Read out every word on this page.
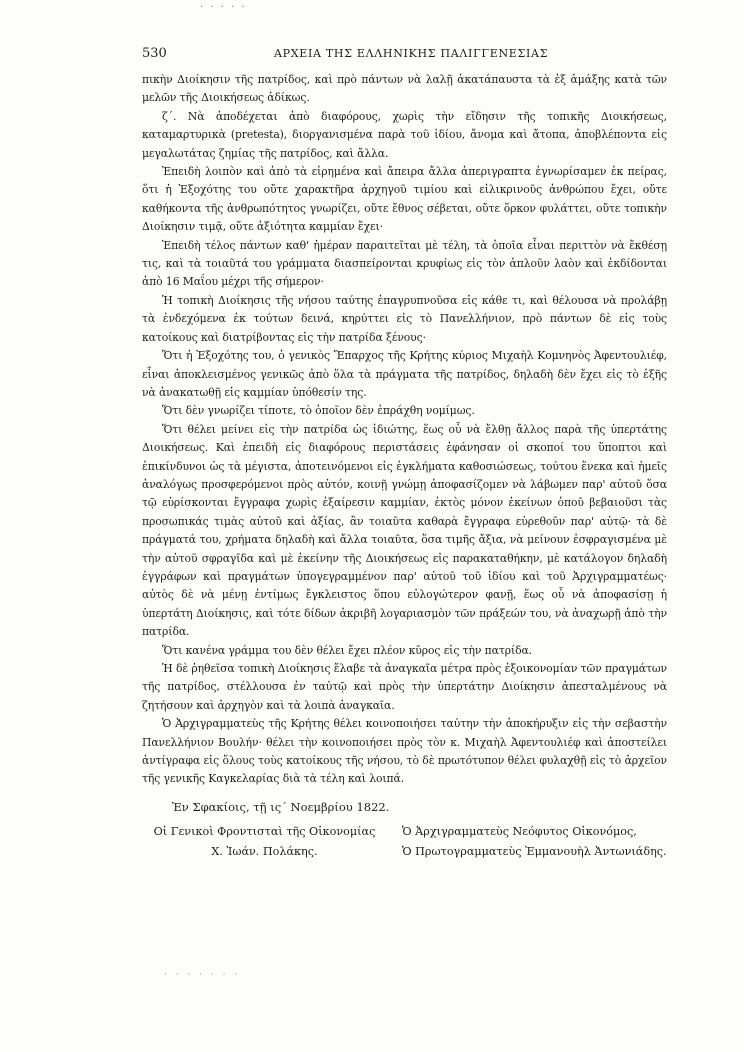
· · · · ·
530	ΑΡΧΕΙΑ ΤΗΣ ΕΛΛΗΝΙΚΗΣ ΠΑΛΙΓΓΕΝΕΣΙΑΣ

πικὴν Διοίκησιν τῆς πατρίδος, καὶ πρὸ πάντων νὰ λαλῇ ἀκατάπαυστα τὰ ἐξ ἁμάξης κατὰ τῶν μελῶν τῆς Διοικήσεως ἀδίκως.

ζ΄. Νὰ ἀποδέχεται ἀπὸ διαφόρους, χωρὶς τὴν εἴδησιν τῆς τοπικῆς Διοικήσεως, καταμαρτυρικὰ (pretesta), διοργανισμένα παρὰ τοῦ ἰδίου, ἄνομα καὶ ἄτοπα, ἀποβλέποντα εἰς μεγαλωτάτας ζημίας τῆς πατρίδος, καὶ ἄλλα.

Ἐπειδὴ λοιπὸν καὶ ἀπὸ τὰ εἰρημένα καὶ ἄπειρα ἄλλα ἀπεριγραπτα ἐγνωρίσαμεν ἐκ πείρας, ὅτι ἡ Ἐξοχότης του οὔτε χαρακτῆρα ἀρχηγοῦ τιμίου καὶ εἰλικρινοῦς ἀνθρώπου ἔχει, οὔτε καθήκοντα τῆς ἀνθρωπότητος γνωρίζει, οὔτε ἔθνος σέβεται, οὔτε ὅρκον φυλάττει, οὔτε τοπικὴν Διοίκησιν τιμᾷ, οὔτε ἀξιότητα καμμίαν ἔχει·

Ἐπειδὴ τέλος πάντων καθ' ἡμέραν παραιτεῖται μὲ τέλη, τὰ ὁποῖα εἶναι περιττὸν νὰ ἔκθέσῃ τις, καὶ τὰ τοιαῦτά του γράμματα διασπείρονται κρυφίως εἰς τὸν ἁπλοῦν λαὸν καὶ ἐκδίδονται ἀπὸ 16 Μαΐου μέχρι τῆς σήμερον·

Ἡ τοπικὴ Διοίκησις τῆς νήσου ταύτης ἐπαγρυπνοῦσα εἰς κάθε τι, καὶ θέλουσα νὰ προλάβῃ τὰ ἐνδεχόμενα ἐκ τούτων δεινά, κηρύττει εἰς τὸ Πανελλήνιον, πρὸ πάντων δὲ εἰς τοὺς κατοίκους καὶ διατρίβοντας εἰς τὴν πατρίδα ξένους·

Ὅτι ἡ Ἐξοχότης του, ὁ γενικὸς Ἔπαρχος τῆς Κρήτης κύριος Μιχαὴλ Κομνηνὸς Ἀφεντουλιέφ, εἶναι ἀποκλεισμένος γενικῶς ἀπὸ ὅλα τὰ πράγματα τῆς πατρίδος, δηλαδὴ δὲν ἔχει εἰς τὸ ἑξῆς νὰ ἀνακατωθῇ εἰς καμμίαν ὑπόθεσίν της.

Ὅτι δὲν γνωρίζει τίποτε, τὸ ὁποῖον δὲν ἐπράχθη νομίμως.

Ὅτι θέλει μείνει εἰς τὴν πατρίδα ὡς ἰδιώτης, ἕως οὗ νὰ ἔλθῃ ἄλλος παρὰ τῆς ὑπερτάτης Διοικήσεως. Καὶ ἐπειδὴ εἰς διαφόρους περιστάσεις ἐφάνησαν οἱ σκοποί του ὕποπτοι καὶ ἐπικίνδυνοι ὡς τὰ μέγιστα, ἀποτεινόμενοι εἰς ἐγκλήματα καθοσιώσεως, τούτου ἕνεκα καὶ ἡμεῖς ἀναλόγως προσφερόμενοι πρὸς αὐτόν, κοινῇ γνώμῃ ἀποφασίζομεν νὰ λάβωμεν παρ' αὐτοῦ ὅσα τῷ εὑρίσκονται ἔγγραφα χωρὶς ἐξαίρεσιν καμμίαν, ἐκτὸς μόνον ἐκείνων ὁποῦ βεβαιοῦσι τὰς προσωπικάς τιμὰς αὐτοῦ καὶ ἀξίας, ἂν τοιαῦτα καθαρὰ ἔγγραφα εὑρεθοῦν παρ' αὐτῷ· τὰ δὲ πράγματά του, χρήματα δηλαδὴ καὶ ἄλλα τοιαῦτα, ὅσα τιμῆς ἄξια, νὰ μείνουν ἐσφραγισμένα μὲ τὴν αὐτοῦ σφραγῖδα καὶ μὲ ἐκείνην τῆς Διοικήσεως εἰς παρακαταθήκην, μὲ κατάλογον δηλαδὴ ἐγγράφων καὶ πραγμάτων ὑπογεγραμμένον παρ' αὐτοῦ τοῦ ἰδίου καὶ τοῦ Ἀρχιγραμματέως· αὐτὸς δὲ νὰ μένῃ ἐντίμως ἔγκλειστος ὅπου εὐλογώτερον φανῇ, ἕως οὗ νὰ ἀποφασίσῃ ἡ ὑπερτάτη Διοίκησις, καὶ τότε δίδων ἀκριβῆ λογαριασμὸν τῶν πράξεών του, νὰ ἀναχωρῇ ἀπὸ τὴν πατρίδα.

Ὅτι κανένα γράμμα του δὲν θέλει ἔχει πλέον κῦρος εἰς τὴν πατρίδα.

Ἡ δὲ ῥηθεῖσα τοπικὴ Διοίκησις ἔλαβε τὰ ἀναγκαῖα μέτρα πρὸς ἐξοικονομίαν τῶν πραγμάτων τῆς πατρίδος, στέλλουσα ἐν ταὐτῷ καὶ πρὸς τὴν ὑπερτάτην Διοίκησιν ἀπεσταλμένους νὰ ζητήσουν καὶ ἀρχηγὸν καὶ τὰ λοιπὰ ἀναγκαῖα.

Ὁ Ἀρχιγραμματεὺς τῆς Κρήτης θέλει κοινοποιήσει ταύτην τὴν ἀποκήρυξιν εἰς τὴν σεβαστὴν Πανελλήνιον Βουλήν· θέλει τὴν κοινοποιήσει πρὸς τὸν κ. Μιχαὴλ Ἀφεντουλιέφ καὶ ἀποστείλει ἀντίγραφα εἰς ὅλους τοὺς κατοίκους τῆς νήσου, τὸ δὲ πρωτότυπον θέλει φυλαχθῇ εἰς τὸ ἀρχεῖον τῆς γενικῆς Καγκελαρίας διὰ τὰ τέλη καὶ λοιπά.

Ἐν Σφακίοις, τῇ ις΄ Νοεμβρίου 1822.

Οἱ Γενικοὶ Φροντισταὶ τῆς Οἰκονομίας
Χ. Ἰωάν. Πολάκης.
Ὁ Ἀρχιγραμματεὺς Νεόφυτος Οἰκονόμος,
Ὁ Πρωτογραμματεὺς Ἐμμανουὴλ Ἀντωνιάδης.
· · · · · · ·
